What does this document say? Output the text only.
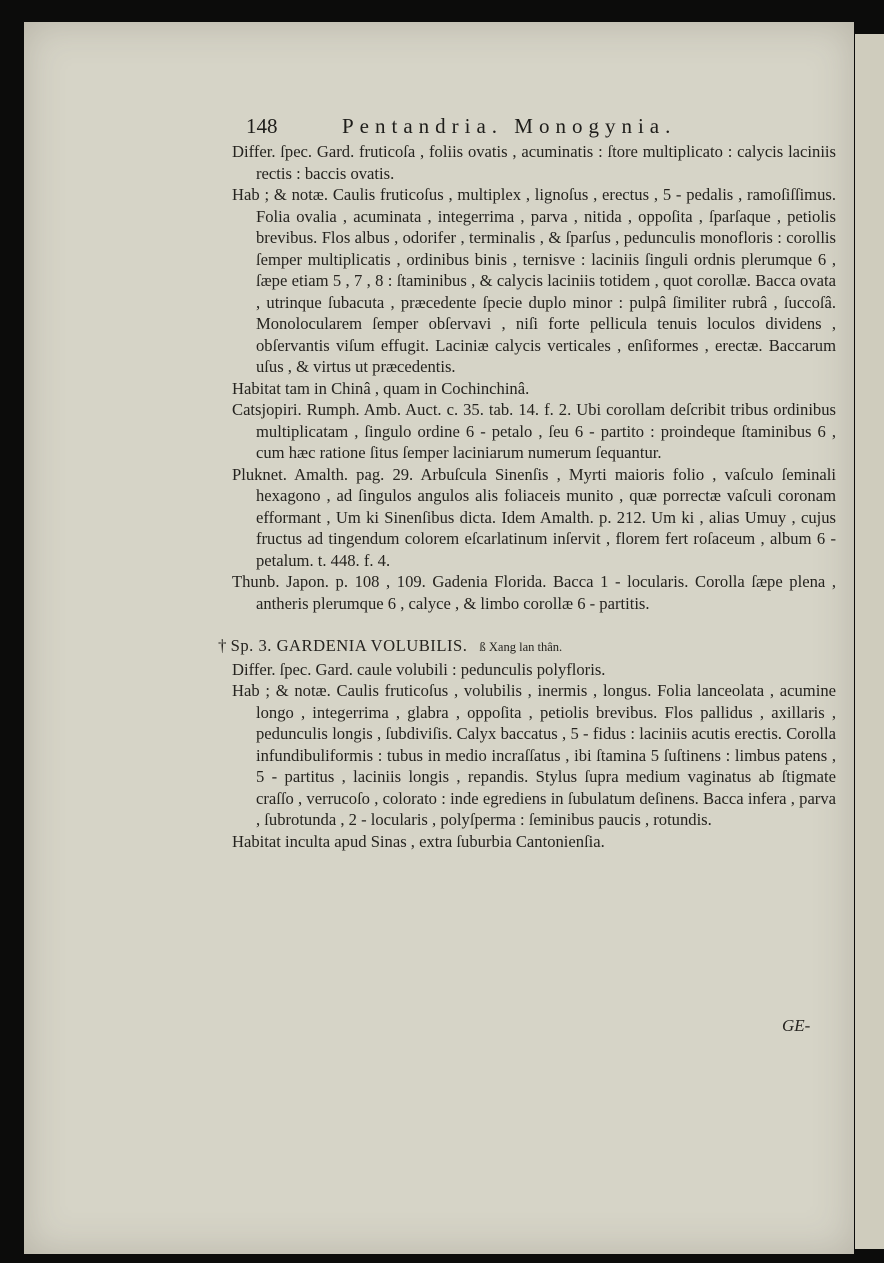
148	Pentandria. Monogynia.

Differ. ſpec. Gard. fruticoſa , foliis ovatis , acuminatis : ſtore multiplicato : calycis laciniis rectis : baccis ovatis.

Hab ; & notæ. Caulis fruticoſus , multiplex , lignoſus , erectus , 5 - pedalis , ramoſiſſimus. Folia ovalia , acuminata , integerrima , parva , nitida , oppoſita , ſparſaque , petiolis brevibus. Flos albus , odorifer , terminalis , & ſparſus , pedunculis monofloris : corollis ſemper multiplicatis , ordinibus binis , ternisve : laciniis ſinguli ordnis plerumque 6 , ſæpe etiam 5 , 7 , 8 : ſtaminibus , & calycis laciniis totidem , quot corollæ. Bacca ovata , utrinque ſubacuta , præcedente ſpecie duplo minor : pulpâ ſimiliter rubrâ , ſuccoſâ. Monolocularem ſemper obſervavi , niſi forte pellicula tenuis loculos dividens , obſervantis viſum effugit. Laciniæ calycis verticales , enſiformes , erectæ. Baccarum uſus , & virtus ut præcedentis.

Habitat tam in Chinâ , quam in Cochinchinâ.

Catsjopiri. Rumph. Amb. Auct. c. 35. tab. 14. f. 2. Ubi corollam deſcribit tribus ordinibus multiplicatam , ſingulo ordine 6 - petalo , ſeu 6 - partito : proindeque ſtaminibus 6 , cum hæc ratione ſitus ſemper laciniarum numerum ſequantur.

Pluknet. Amalth. pag. 29. Arbuſcula Sinenſis , Myrti maioris folio , vaſculo ſeminali hexagono , ad ſingulos angulos alis foliaceis munito , quæ porrectæ vaſculi coronam efformant , Um ki Sinenſibus dicta. Idem Amalth. p. 212. Um ki , alias Umuy , cujus fructus ad tingendum colorem eſcarlatinum inſervit , florem fert roſaceum , album 6 - petalum. t. 448. f. 4.

Thunb. Japon. p. 108 , 109. Gadenia Florida. Bacca 1 - locularis. Corolla ſæpe plena , antheris plerumque 6 , calyce , & limbo corollæ 6 - partitis.

† Sp. 3. GARDENIA VOLUBILIS. ß Xang lan thân.

Differ. ſpec. Gard. caule volubili : pedunculis polyfloris.

Hab ; & notæ. Caulis fruticoſus , volubilis , inermis , longus. Folia lanceolata , acumine longo , integerrima , glabra , oppoſita , petiolis brevibus. Flos pallidus , axillaris , pedunculis longis , ſubdiviſis. Calyx baccatus , 5 - fidus : laciniis acutis erectis. Corolla infundibuliformis : tubus in medio incraſſatus , ibi ſtamina 5 ſuſtinens : limbus patens , 5 - partitus , laciniis longis , repandis. Stylus ſupra medium vaginatus ab ſtigmate craſſo , verrucoſo , colorato : inde egrediens in ſubulatum deſinens. Bacca infera , parva , ſubrotunda , 2 - locularis , polyſperma : ſeminibus paucis , rotundis.

Habitat inculta apud Sinas , extra ſuburbia Cantonienſia.

GE-
